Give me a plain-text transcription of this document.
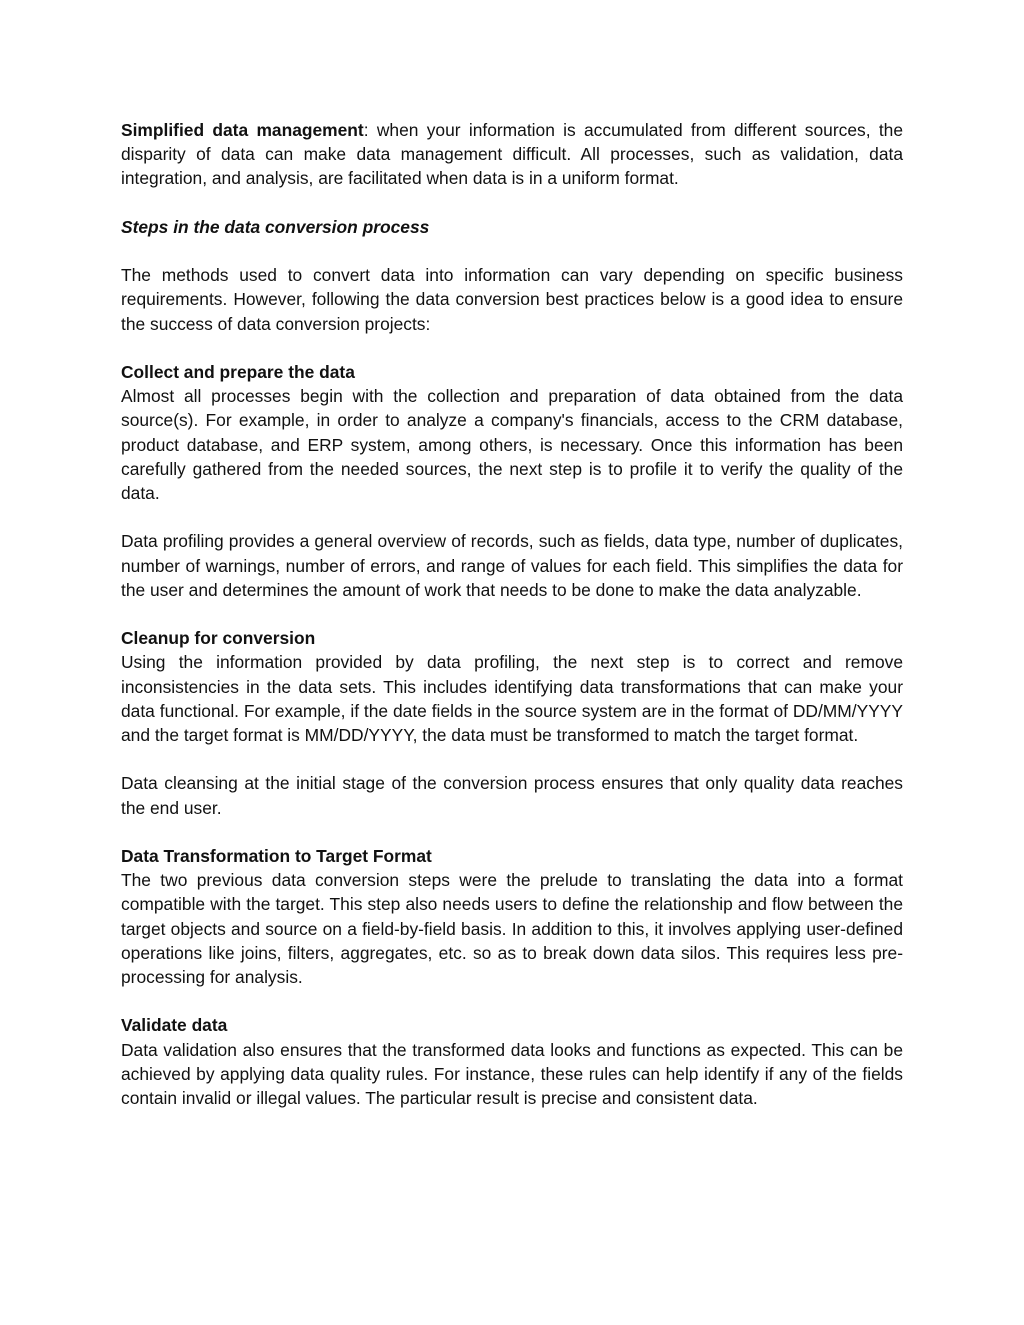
Simplified data management: when your information is accumulated from different sources, the disparity of data can make data management difficult. All processes, such as validation, data integration, and analysis, are facilitated when data is in a uniform format.

Steps in the data conversion process

The methods used to convert data into information can vary depending on specific business requirements. However, following the data conversion best practices below is a good idea to ensure the success of data conversion projects:

Collect and prepare the data

Almost all processes begin with the collection and preparation of data obtained from the data source(s). For example, in order to analyze a company's financials, access to the CRM database, product database, and ERP system, among others, is necessary. Once this information has been carefully gathered from the needed sources, the next step is to profile it to verify the quality of the data.

Data profiling provides a general overview of records, such as fields, data type, number of duplicates, number of warnings, number of errors, and range of values for each field. This simplifies the data for the user and determines the amount of work that needs to be done to make the data analyzable.

Cleanup for conversion

Using the information provided by data profiling, the next step is to correct and remove inconsistencies in the data sets. This includes identifying data transformations that can make your data functional. For example, if the date fields in the source system are in the format of DD/MM/YYYY and the target format is MM/DD/YYYY, the data must be transformed to match the target format.

Data cleansing at the initial stage of the conversion process ensures that only quality data reaches the end user.

Data Transformation to Target Format

The two previous data conversion steps were the prelude to translating the data into a format compatible with the target. This step also needs users to define the relationship and flow between the target objects and source on a field-by-field basis. In addition to this, it involves applying user-defined operations like joins, filters, aggregates, etc. so as to break down data silos. This requires less pre-processing for analysis.

Validate data

Data validation also ensures that the transformed data looks and functions as expected. This can be achieved by applying data quality rules. For instance, these rules can help identify if any of the fields contain invalid or illegal values. The particular result is precise and consistent data.
